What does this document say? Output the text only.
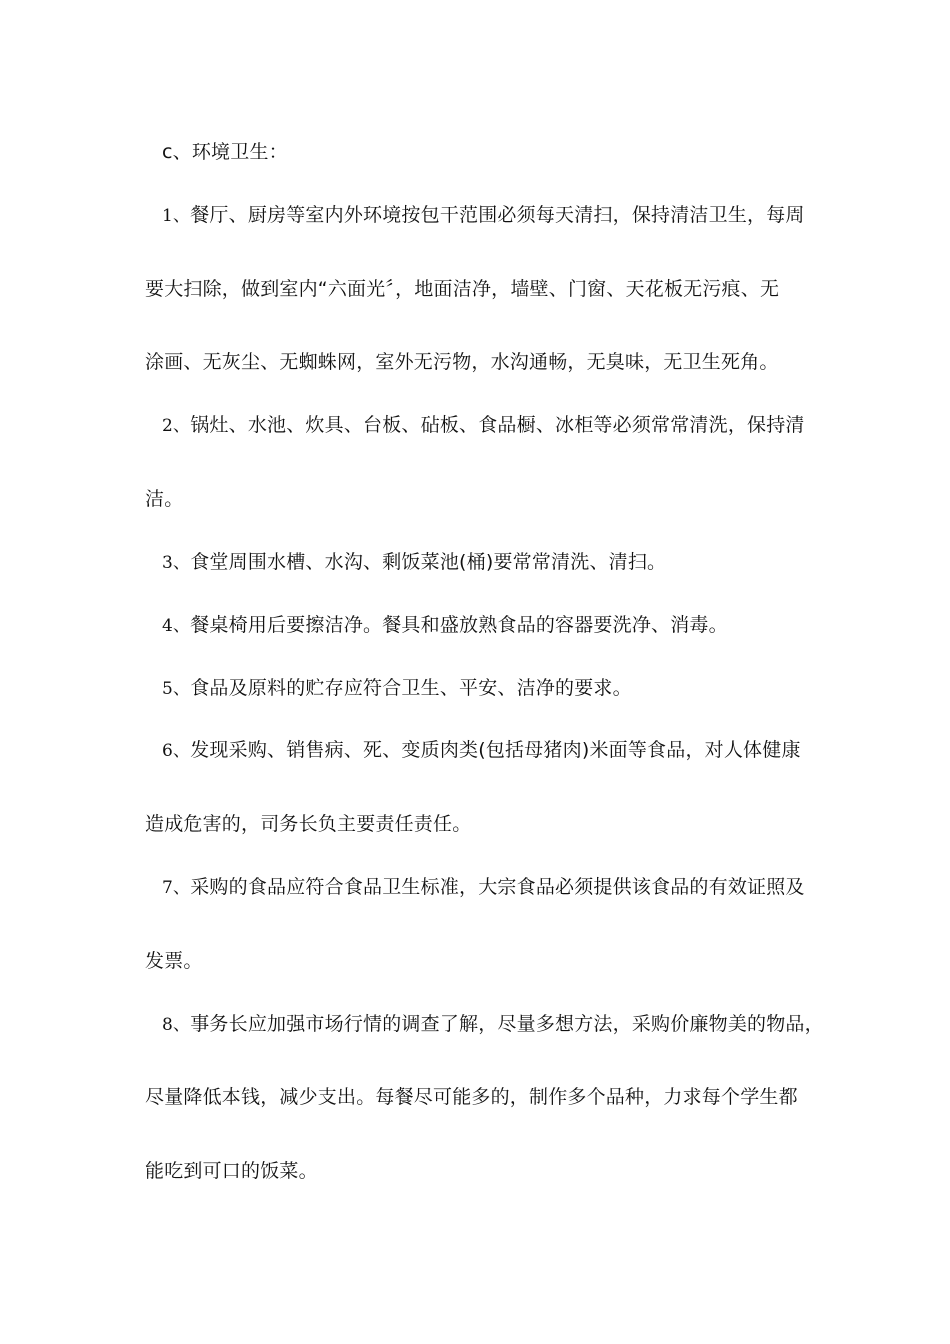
c、环境卫生：
1、餐厅、厨房等室内外环境按包干范围必须每天清扫，保持清洁卫生，每周
要大扫除，做到室内“六面光〞，地面洁净，墙壁、门窗、天花板无污痕、无
涂画、无灰尘、无蜘蛛网，室外无污物，水沟通畅，无臭味，无卫生死角。
2、锅灶、水池、炊具、台板、砧板、食品橱、冰柜等必须常常清洗，保持清
洁。
3、食堂周围水槽、水沟、剩饭菜池(桶)要常常清洗、清扫。
4、餐桌椅用后要擦洁净。餐具和盛放熟食品的容器要洗净、消毒。
5、食品及原料的贮存应符合卫生、平安、洁净的要求。
6、发现采购、销售病、死、变质肉类(包括母猪肉)米面等食品，对人体健康
造成危害的，司务长负主要责任责任。
7、采购的食品应符合食品卫生标准，大宗食品必须提供该食品的有效证照及
发票。
8、事务长应加强市场行情的调查了解，尽量多想方法，采购价廉物美的物品，
尽量降低本钱，减少支出。每餐尽可能多的，制作多个品种，力求每个学生都
能吃到可口的饭菜。
